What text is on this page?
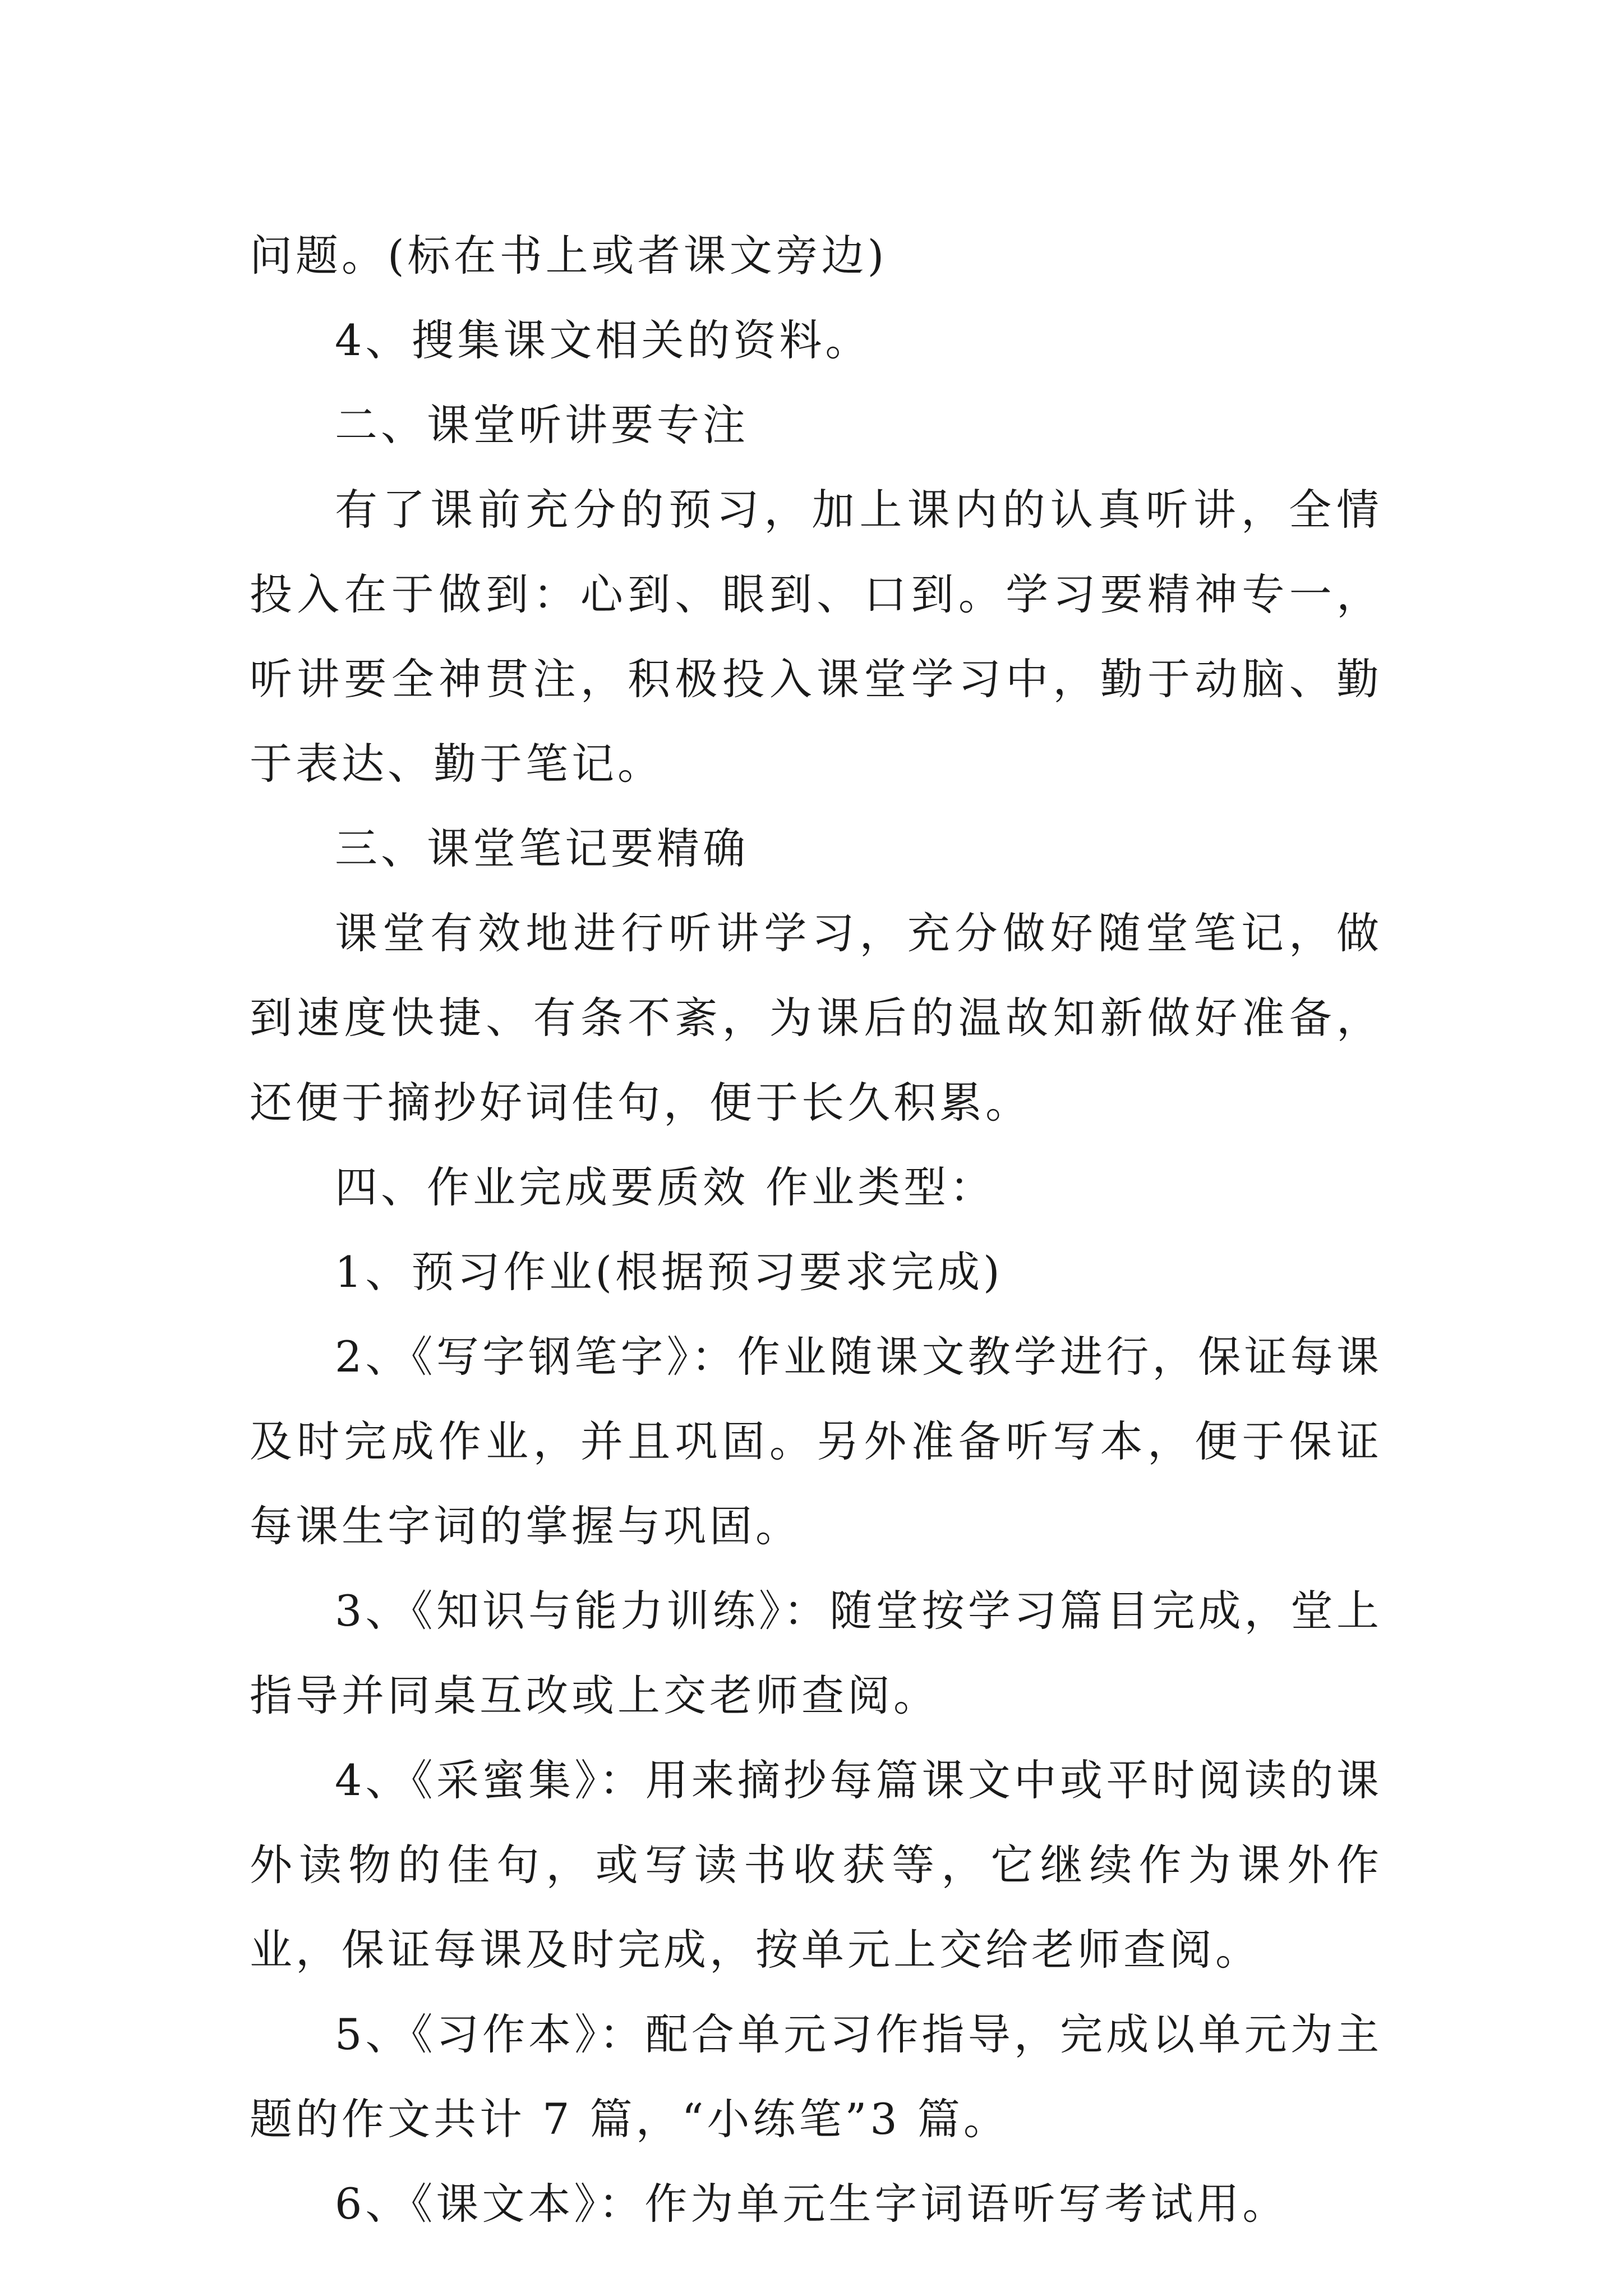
问题。(标在书上或者课文旁边)

4、搜集课文相关的资料。

二、课堂听讲要专注

有了课前充分的预习，加上课内的认真听讲，全情投入在于做到：心到、眼到、口到。学习要精神专一，听讲要全神贯注，积极投入课堂学习中，勤于动脑、勤于表达、勤于笔记。

三、课堂笔记要精确

课堂有效地进行听讲学习，充分做好随堂笔记，做到速度快捷、有条不紊，为课后的温故知新做好准备，还便于摘抄好词佳句，便于长久积累。

四、作业完成要质效 作业类型：

1、预习作业(根据预习要求完成)

2、《写字钢笔字》：作业随课文教学进行，保证每课及时完成作业，并且巩固。另外准备听写本，便于保证每课生字词的掌握与巩固。

3、《知识与能力训练》：随堂按学习篇目完成，堂上指导并同桌互改或上交老师查阅。

4、《采蜜集》：用来摘抄每篇课文中或平时阅读的课外读物的佳句，或写读书收获等，它继续作为课外作业，保证每课及时完成，按单元上交给老师查阅。

5、《习作本》：配合单元习作指导，完成以单元为主题的作文共计 7 篇，“小练笔”3 篇。

6、《课文本》：作为单元生字词语听写考试用。
